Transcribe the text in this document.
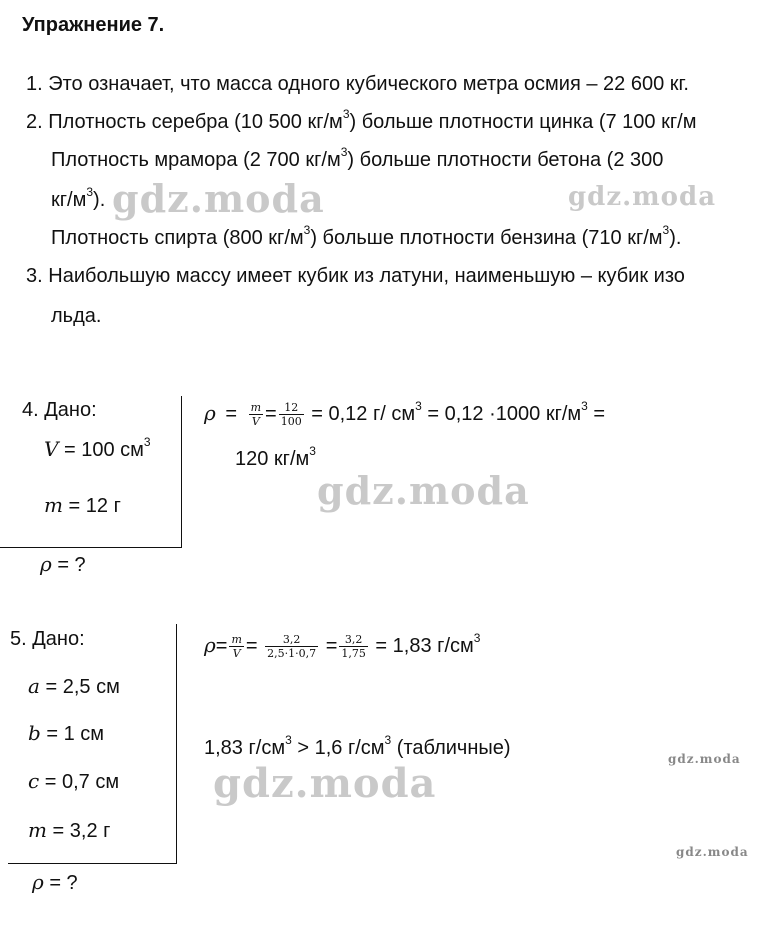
Упражнение 7.
1. Это означает, что масса одного кубического метра осмия – 22 600 кг.
2. Плотность серебра (10 500 $кг/м^3$) больше плотности цинка (7 100 кг/м
Плотность мрамора (2 700 $кг/м^3$) больше плотности бетона (2 300
$кг/м^3$).
Плотность спирта (800 $кг/м^3$) больше плотности бензина (710 $кг/м^3$).
3. Наибольшую массу имеет кубик из латуни, наименьшую – кубик изо
льда.
4. Дано:
V = 100 $см^3$
m = 12 г
ρ = ?
$\rho = \frac{m}{V} = \frac{12}{100} = 0,12$ г/ $см^3 = 0,12 \cdot 1000$ $кг/м^3$ =
120 $кг/м^3$
5. Дано:
a = 2,5 см
b = 1 см
c = 0,7 см
m = 3,2 г
ρ = ?
$\rho= \frac{m}{V} = \frac{3,2}{2,5\cdot 1\cdot 0,7} = \frac{3,2}{1,75} = 1,83$ $г/см^3$
1,83 $г/см^3 > 1,6$ $г/см^3$ (табличные)
gdz.moda	gdz.moda
gdz.moda
gdz.moda
gdz.moda
gdz.moda
